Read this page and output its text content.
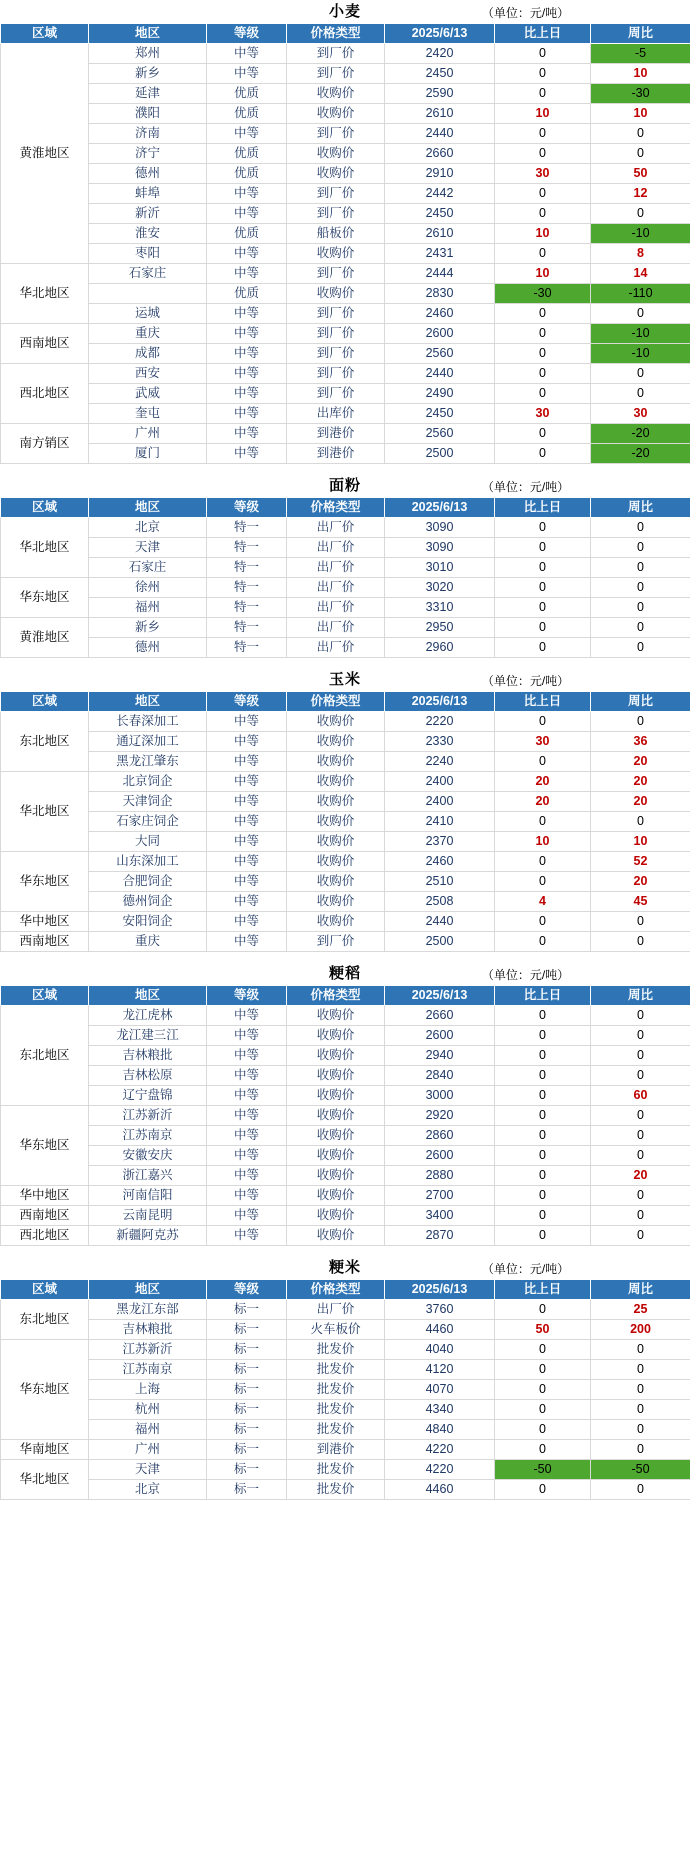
小麦	（单位：元/吨）
区域	地区	等级	价格类型	2025/6/13	比上日	周比
黄淮地区	郑州	中等	到厂价	2420	0	-5
	新乡	中等	到厂价	2450	0	10
	延津	优质	收购价	2590	0	-30
	濮阳	优质	收购价	2610	10	10
	济南	中等	到厂价	2440	0	0
	济宁	优质	收购价	2660	0	0
	德州	优质	收购价	2910	30	50
	蚌埠	中等	到厂价	2442	0	12
	新沂	中等	到厂价	2450	0	0
	淮安	优质	船板价	2610	10	-10
	枣阳	中等	收购价	2431	0	8
华北地区	石家庄	中等	到厂价	2444	10	14
		优质	收购价	2830	-30	-110
	运城	中等	到厂价	2460	0	0
西南地区	重庆	中等	到厂价	2600	0	-10
	成都	中等	到厂价	2560	0	-10
西北地区	西安	中等	到厂价	2440	0	0
	武威	中等	到厂价	2490	0	0
	奎屯	中等	出库价	2450	30	30
南方销区	广州	中等	到港价	2560	0	-20
	厦门	中等	到港价	2500	0	-20
面粉	（单位：元/吨）
区域	地区	等级	价格类型	2025/6/13	比上日	周比
华北地区	北京	特一	出厂价	3090	0	0
	天津	特一	出厂价	3090	0	0
	石家庄	特一	出厂价	3010	0	0
华东地区	徐州	特一	出厂价	3020	0	0
	福州	特一	出厂价	3310	0	0
黄淮地区	新乡	特一	出厂价	2950	0	0
	德州	特一	出厂价	2960	0	0
玉米	（单位：元/吨）
区域	地区	等级	价格类型	2025/6/13	比上日	周比
东北地区	长春深加工	中等	收购价	2220	0	0
	通辽深加工	中等	收购价	2330	30	36
	黑龙江肇东	中等	收购价	2240	0	20
华北地区	北京饲企	中等	收购价	2400	20	20
	天津饲企	中等	收购价	2400	20	20
	石家庄饲企	中等	收购价	2410	0	0
	大同	中等	收购价	2370	10	10
华东地区	山东深加工	中等	收购价	2460	0	52
	合肥饲企	中等	收购价	2510	0	20
	德州饲企	中等	收购价	2508	4	45
华中地区	安阳饲企	中等	收购价	2440	0	0
西南地区	重庆	中等	到厂价	2500	0	0
粳稻	（单位：元/吨）
区域	地区	等级	价格类型	2025/6/13	比上日	周比
东北地区	龙江虎林	中等	收购价	2660	0	0
	龙江建三江	中等	收购价	2600	0	0
	吉林粮批	中等	收购价	2940	0	0
	吉林松原	中等	收购价	2840	0	0
	辽宁盘锦	中等	收购价	3000	0	60
华东地区	江苏新沂	中等	收购价	2920	0	0
	江苏南京	中等	收购价	2860	0	0
	安徽安庆	中等	收购价	2600	0	0
	浙江嘉兴	中等	收购价	2880	0	20
华中地区	河南信阳	中等	收购价	2700	0	0
西南地区	云南昆明	中等	收购价	3400	0	0
西北地区	新疆阿克苏	中等	收购价	2870	0	0
粳米	（单位：元/吨）
区域	地区	等级	价格类型	2025/6/13	比上日	周比
东北地区	黑龙江东部	标一	出厂价	3760	0	25
	吉林粮批	标一	火车板价	4460	50	200
华东地区	江苏新沂	标一	批发价	4040	0	0
	江苏南京	标一	批发价	4120	0	0
	上海	标一	批发价	4070	0	0
	杭州	标一	批发价	4340	0	0
	福州	标一	批发价	4840	0	0
华南地区	广州	标一	到港价	4220	0	0
华北地区	天津	标一	批发价	4220	-50	-50
	北京	标一	批发价	4460	0	0
